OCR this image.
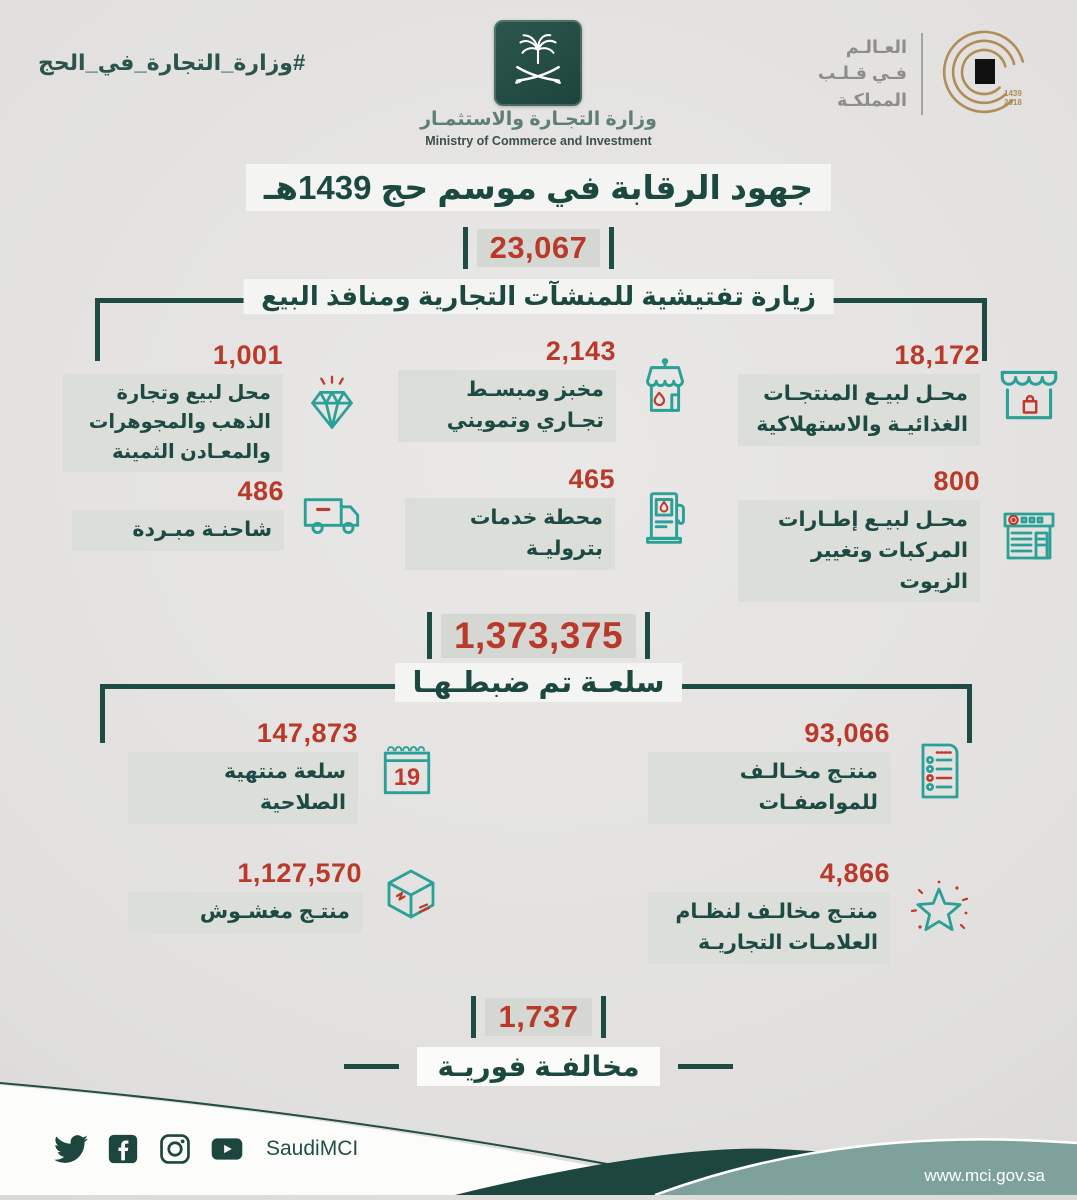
#وزارة_التجارة_في_الحج
وزارة التجـارة والاستثمـار
Ministry of Commerce and Investment
العـالـم
فـي قـلـب
المملكـة	1439
2018
جهود الرقابة في موسم حج 1439هـ
23,067
زيارة تفتيشية للمنشآت التجارية ومنافذ البيع
18,172
محـل لبيـع المنتجـات الغذائيـة والاستهلاكية
2,143
مخبز ومبسـط تجـاري وتمويني
1,001
محل لبيع وتجارة الذهب والمجوهرات والمعـادن الثمينة
800
محـل لبيـع إطـارات المركبات وتغيير الزيوت
465
محطة خدمات بتروليـة
486
شاحنـة مبـردة
1,373,375
سلعـة تم ضبطـهـا
93,066
منتـج مخـالـف للمواصفـات
147,873
سلعة منتهية الصلاحية
19
4,866
منتـج مخالـف لنظـام العلامـات التجاريـة
1,127,570
منتـج مغشـوش
1,737
مخالفـة فوريـة
SaudiMCI
www.mci.gov.sa
